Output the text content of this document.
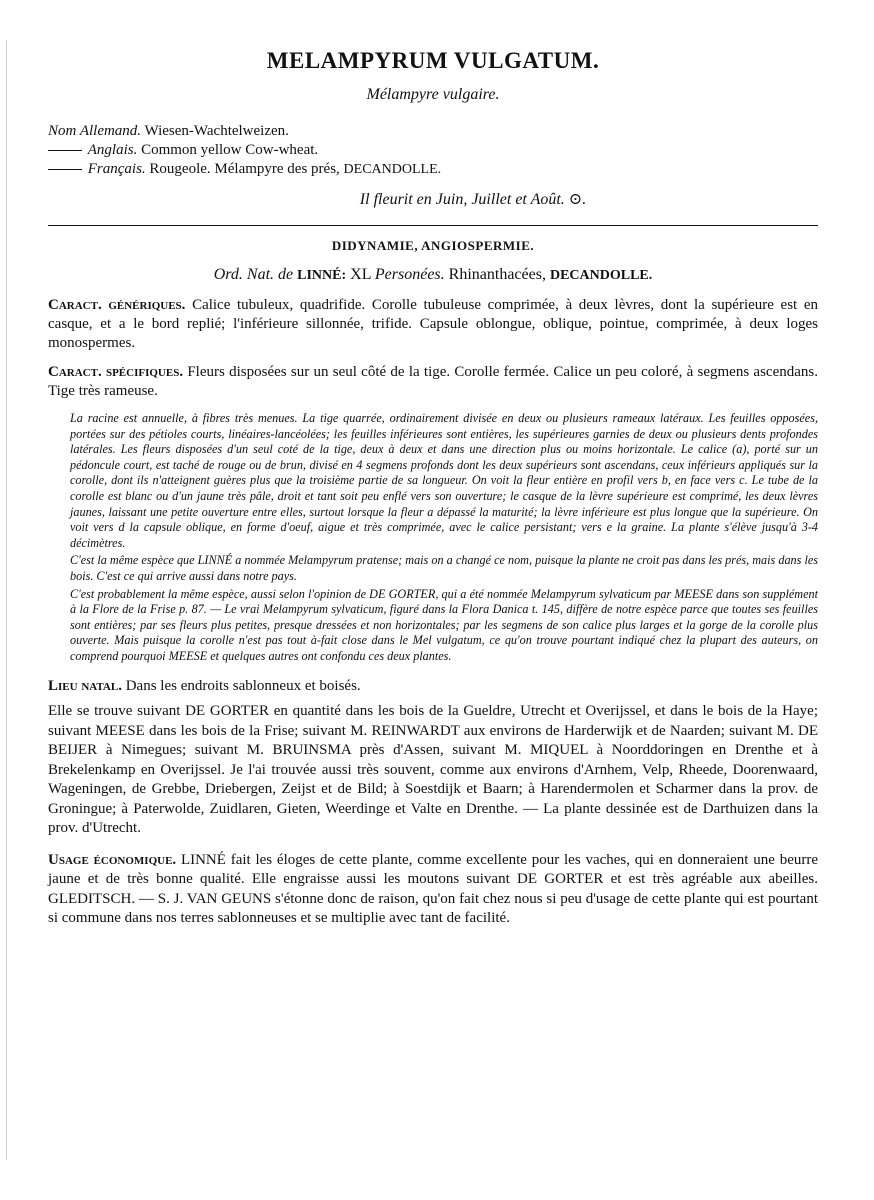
MELAMPYRUM VULGATUM.
Mélampyre vulgaire.
Nom Allemand. Wiesen-Wachtelweizen.
Anglais. Common yellow Cow-wheat.
Français. Rougeole. Mélampyre des prés, DECANDOLLE.
Il fleurit en Juin, Juillet et Août. ⊙.
DIDYNAMIE, ANGIOSPERMIE.
Ord. Nat. de LINNÉ: XL Personées. Rhinanthacées, DECANDOLLE.

Caract. génériques. Calice tubuleux, quadrifide. Corolle tubuleuse comprimée, à deux lèvres, dont la supérieure est en casque, et a le bord replié; l'inférieure sillonnée, trifide. Capsule oblongue, oblique, pointue, comprimée, à deux loges monospermes.

Caract. spécifiques. Fleurs disposées sur un seul côté de la tige. Corolle fermée. Calice un peu coloré, à segmens ascendans. Tige très rameuse.

La racine est annuelle, à fibres très menues. La tige quarrée, ordinairement divisée en deux ou plusieurs rameaux latéraux. Les feuilles opposées, portées sur des pétioles courts, linéaires-lancéolées; les feuilles inférieures sont entières, les supérieures garnies de deux ou plusieurs dents profondes latérales. Les fleurs disposées d'un seul coté de la tige, deux à deux et dans une direction plus ou moins horizontale. Le calice (a), porté sur un pédoncule court, est taché de rouge ou de brun, divisé en 4 segmens profonds dont les deux supérieurs sont ascendans, ceux inférieurs appliqués sur la corolle, dont ils n'atteignent guères plus que la troisième partie de sa longueur. On voit la fleur entière en profil vers b, en face vers c. Le tube de la corolle est blanc ou d'un jaune très pâle, droit et tant soit peu enflé vers son ouverture; le casque de la lèvre supérieure est comprimé, les deux lèvres jaunes, laissant une petite ouverture entre elles, surtout lorsque la fleur a dépassé la maturité; la lèvre inférieure est plus longue que la supérieure. On voit vers d la capsule oblique, en forme d'oeuf, aigue et très comprimée, avec le calice persistant; vers e la graine. La plante s'élève jusqu'à 3-4 décimètres.

C'est la même espèce que LINNÉ a nommée Melampyrum pratense; mais on a changé ce nom, puisque la plante ne croit pas dans les prés, mais dans les bois. C'est ce qui arrive aussi dans notre pays.

C'est probablement la même espèce, aussi selon l'opinion de DE GORTER, qui a été nommée Melampyrum sylvaticum par MEESE dans son supplément à la Flore de la Frise p. 87. — Le vrai Melampyrum sylvaticum, figuré dans la Flora Danica t. 145, diffère de notre espèce parce que toutes ses feuilles sont entières; par ses fleurs plus petites, presque dressées et non horizontales; par les segmens de son calice plus larges et la gorge de la corolle plus ouverte. Mais puisque la corolle n'est pas tout à-fait close dans le Mel vulgatum, ce qu'on trouve pourtant indiqué chez la plupart des auteurs, on comprend pourquoi MEESE et quelques autres ont confondu ces deux plantes.

Lieu natal. Dans les endroits sablonneux et boisés.

Elle se trouve suivant DE GORTER en quantité dans les bois de la Gueldre, Utrecht et Overijssel, et dans le bois de la Haye; suivant MEESE dans les bois de la Frise; suivant M. REINWARDT aux environs de Harderwijk et de Naarden; suivant M. DE BEIJER à Nimegues; suivant M. BRUINSMA près d'Assen, suivant M. MIQUEL à Noorddoringen en Drenthe et à Brekelenkamp en Overijssel. Je l'ai trouvée aussi très souvent, comme aux environs d'Arnhem, Velp, Rheede, Doorenwaard, Wageningen, de Grebbe, Driebergen, Zeijst et de Bild; à Soestdijk et Baarn; à Harendermolen et Scharmer dans la prov. de Groningue; à Paterwolde, Zuidlaren, Gieten, Weerdinge et Valte en Drenthe. — La plante dessinée est de Darthuizen dans la prov. d'Utrecht.

Usage économique. LINNÉ fait les éloges de cette plante, comme excellente pour les vaches, qui en donneraient une beurre jaune et de très bonne qualité. Elle engraisse aussi les moutons suivant DE GORTER et est très agréable aux abeilles. GLEDITSCH. — S. J. VAN GEUNS s'étonne donc de raison, qu'on fait chez nous si peu d'usage de cette plante qui est pourtant si commune dans nos terres sablonneuses et se multiplie avec tant de facilité.
